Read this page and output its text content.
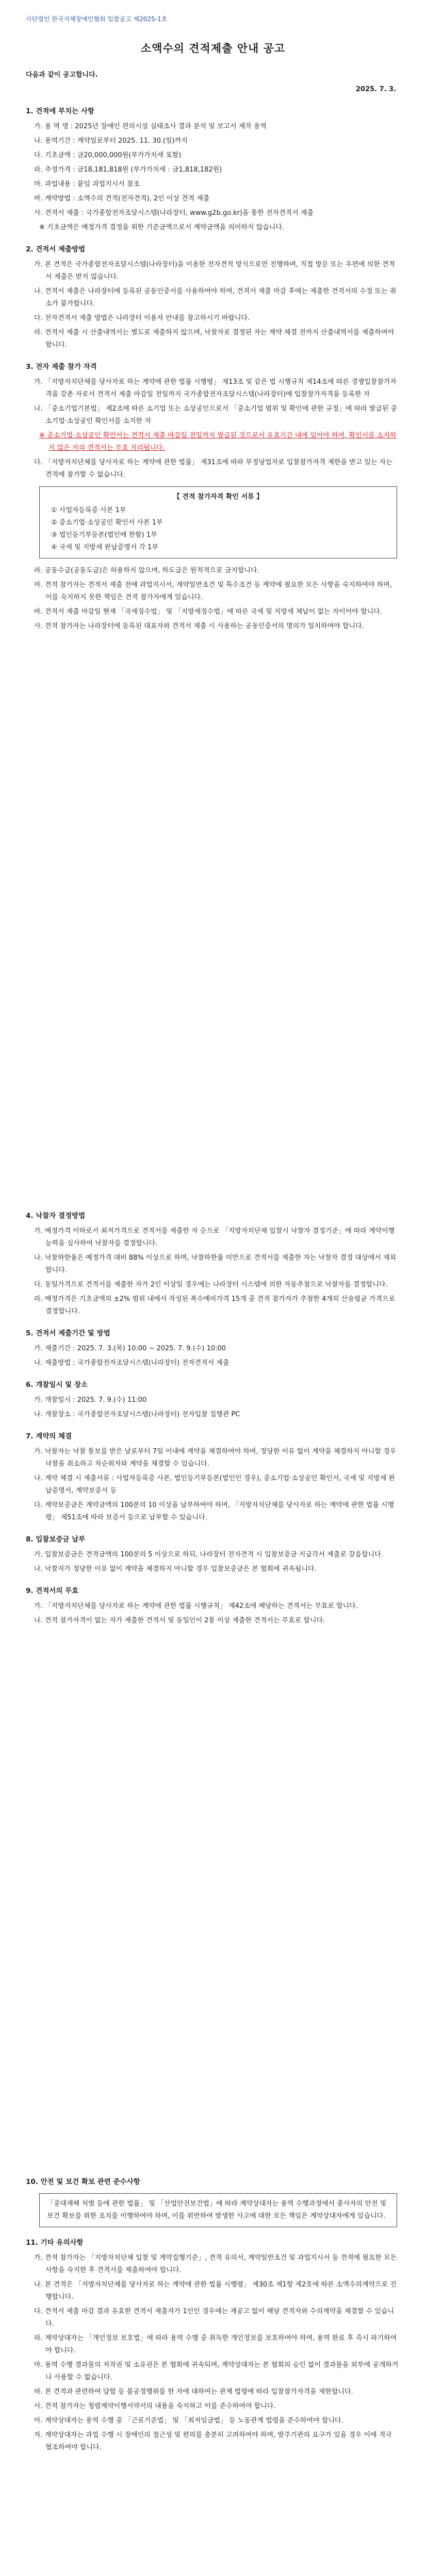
사단법인 한국지체장애인협회 입찰공고 제2025-1호

소액수의 견적제출 안내 공고

다음과 같이 공고합니다.

2025. 7. 3.

1. 견적에 부치는 사항

가. 용 역 명 : 2025년 장애인 편의시설 실태조사 결과 분석 및 보고서 제작 용역

나. 용역기간 : 계약일로부터 2025. 11. 30.(일)까지

다. 기초금액 : 금20,000,000원(부가가치세 포함)

라. 추정가격 : 금18,181,818원 (부가가치세 : 금1,818,182원)

마. 과업내용 : 붙임 과업지시서 참조

바. 계약방법 : 소액수의 견적(전자견적), 2인 이상 견적 제출

사. 견적서 제출 : 국가종합전자조달시스템(나라장터, www.g2b.go.kr)을 통한 전자견적서 제출

※ 기초금액은 예정가격 결정을 위한 기준금액으로서 계약금액을 의미하지 않습니다.

2. 견적서 제출방법

가. 본 견적은 국가종합전자조달시스템(나라장터)을 이용한 전자견적 방식으로만 진행하며, 직접 방문 또는 우편에 의한 견적서 제출은 받지 않습니다.

나. 견적서 제출은 나라장터에 등록된 공동인증서를 사용하여야 하며, 견적서 제출 마감 후에는 제출한 견적서의 수정 또는 취소가 불가합니다.

다. 전자견적서 제출 방법은 나라장터 이용자 안내를 참고하시기 바랍니다.

라. 견적서 제출 시 산출내역서는 별도로 제출하지 않으며, 낙찰자로 결정된 자는 계약 체결 전까지 산출내역서를 제출하여야 합니다.

3. 전자 제출 참가 자격

가. 「지방자치단체를 당사자로 하는 계약에 관한 법률 시행령」 제13조 및 같은 법 시행규칙 제14조에 따른 경쟁입찰참가자격을 갖춘 자로서 견적서 제출 마감일 전일까지 국가종합전자조달시스템(나라장터)에 입찰참가자격을 등록한 자

나. 「중소기업기본법」 제2조에 따른 소기업 또는 소상공인으로서 「중소기업 범위 및 확인에 관한 규정」에 따라 발급된 중소기업·소상공인 확인서를 소지한 자

※ 중소기업·소상공인 확인서는 견적서 제출 마감일 전일까지 발급된 것으로서 유효기간 내에 있어야 하며, 확인서를 소지하지 않은 자의 견적서는 무효 처리됩니다.

다. 「지방자치단체를 당사자로 하는 계약에 관한 법률」 제31조에 따라 부정당업자로 입찰참가자격 제한을 받고 있는 자는 견적에 참가할 수 없습니다.

【 견적 참가자격 확인 서류 】

① 사업자등록증 사본 1부

② 중소기업·소상공인 확인서 사본 1부

③ 법인등기부등본(법인에 한함) 1부

④ 국세 및 지방세 완납증명서 각 1부

라. 공동수급(공동도급)은 허용하지 않으며, 하도급은 원칙적으로 금지합니다.

마. 견적 참가자는 견적서 제출 전에 과업지시서, 계약일반조건 및 특수조건 등 계약에 필요한 모든 사항을 숙지하여야 하며, 이를 숙지하지 못한 책임은 견적 참가자에게 있습니다.

바. 견적서 제출 마감일 현재 「국세징수법」 및 「지방세징수법」에 따른 국세 및 지방세 체납이 없는 자이어야 합니다.

사. 견적 참가자는 나라장터에 등록된 대표자와 견적서 제출 시 사용하는 공동인증서의 명의가 일치하여야 합니다.

4. 낙찰자 결정방법

가. 예정가격 이하로서 최저가격으로 견적서를 제출한 자 순으로 「지방자치단체 입찰시 낙찰자 결정기준」에 따라 계약이행능력을 심사하여 낙찰자를 결정합니다.

나. 낙찰하한율은 예정가격 대비 88% 이상으로 하며, 낙찰하한율 미만으로 견적서를 제출한 자는 낙찰자 결정 대상에서 제외합니다.

다. 동일가격으로 견적서를 제출한 자가 2인 이상일 경우에는 나라장터 시스템에 의한 자동추첨으로 낙찰자를 결정합니다.

라. 예정가격은 기초금액의 ±2% 범위 내에서 작성된 복수예비가격 15개 중 견적 참가자가 추첨한 4개의 산술평균 가격으로 결정합니다.

5. 견적서 제출기간 및 방법

가. 제출기간 : 2025. 7. 3.(목) 10:00 ~ 2025. 7. 9.(수) 10:00

나. 제출방법 : 국가종합전자조달시스템(나라장터) 전자견적서 제출

6. 개찰일시 및 장소

가. 개찰일시 : 2025. 7. 9.(수) 11:00

나. 개찰장소 : 국가종합전자조달시스템(나라장터) 전자입찰 집행관 PC

7. 계약의 체결

가. 낙찰자는 낙찰 통보를 받은 날로부터 7일 이내에 계약을 체결하여야 하며, 정당한 이유 없이 계약을 체결하지 아니할 경우 낙찰을 취소하고 차순위자와 계약을 체결할 수 있습니다.

나. 계약 체결 시 제출서류 : 사업자등록증 사본, 법인등기부등본(법인인 경우), 중소기업·소상공인 확인서, 국세 및 지방세 완납증명서, 계약보증서 등

다. 계약보증금은 계약금액의 100분의 10 이상을 납부하여야 하며, 「지방자치단체를 당사자로 하는 계약에 관한 법률 시행령」 제51조에 따라 보증서 등으로 납부할 수 있습니다.

8. 입찰보증금 납부

가. 입찰보증금은 견적금액의 100분의 5 이상으로 하되, 나라장터 전자견적 시 입찰보증금 지급각서 제출로 갈음합니다.

나. 낙찰자가 정당한 이유 없이 계약을 체결하지 아니할 경우 입찰보증금은 본 협회에 귀속됩니다.

9. 견적서의 무효

가. 「지방자치단체를 당사자로 하는 계약에 관한 법률 시행규칙」 제42조에 해당하는 견적서는 무효로 합니다.

나. 견적 참가자격이 없는 자가 제출한 견적서 및 동일인이 2통 이상 제출한 견적서는 무효로 합니다.

10. 안전 및 보건 확보 관련 준수사항

「중대재해 처벌 등에 관한 법률」 및 「산업안전보건법」에 따라 계약상대자는 용역 수행과정에서 종사자의 안전 및 보건 확보를 위한 조치를 이행하여야 하며, 이를 위반하여 발생한 사고에 대한 모든 책임은 계약상대자에게 있습니다.

11. 기타 유의사항

가. 견적 참가자는 「지방자치단체 입찰 및 계약집행기준」, 견적 유의서, 계약일반조건 및 과업지시서 등 견적에 필요한 모든 사항을 숙지한 후 견적서를 제출하여야 합니다.

나. 본 견적은 「지방자치단체를 당사자로 하는 계약에 관한 법률 시행령」 제30조 제1항 제2호에 따른 소액수의계약으로 진행합니다.

다. 견적서 제출 마감 결과 유효한 견적서 제출자가 1인인 경우에는 재공고 없이 해당 견적자와 수의계약을 체결할 수 있습니다.

라. 계약상대자는 「개인정보 보호법」에 따라 용역 수행 중 취득한 개인정보를 보호하여야 하며, 용역 완료 후 즉시 파기하여야 합니다.

마. 용역 수행 결과물의 저작권 및 소유권은 본 협회에 귀속되며, 계약상대자는 본 협회의 승인 없이 결과물을 외부에 공개하거나 사용할 수 없습니다.

바. 본 견적과 관련하여 담합 등 불공정행위를 한 자에 대하여는 관계 법령에 따라 입찰참가자격을 제한합니다.

사. 견적 참가자는 청렴계약이행서약서의 내용을 숙지하고 이를 준수하여야 합니다.

아. 계약상대자는 용역 수행 중 「근로기준법」 및 「최저임금법」 등 노동관계 법령을 준수하여야 합니다.

자. 계약상대자는 과업 수행 시 장애인의 접근성 및 편의를 충분히 고려하여야 하며, 발주기관의 요구가 있을 경우 이에 적극 협조하여야 합니다.
